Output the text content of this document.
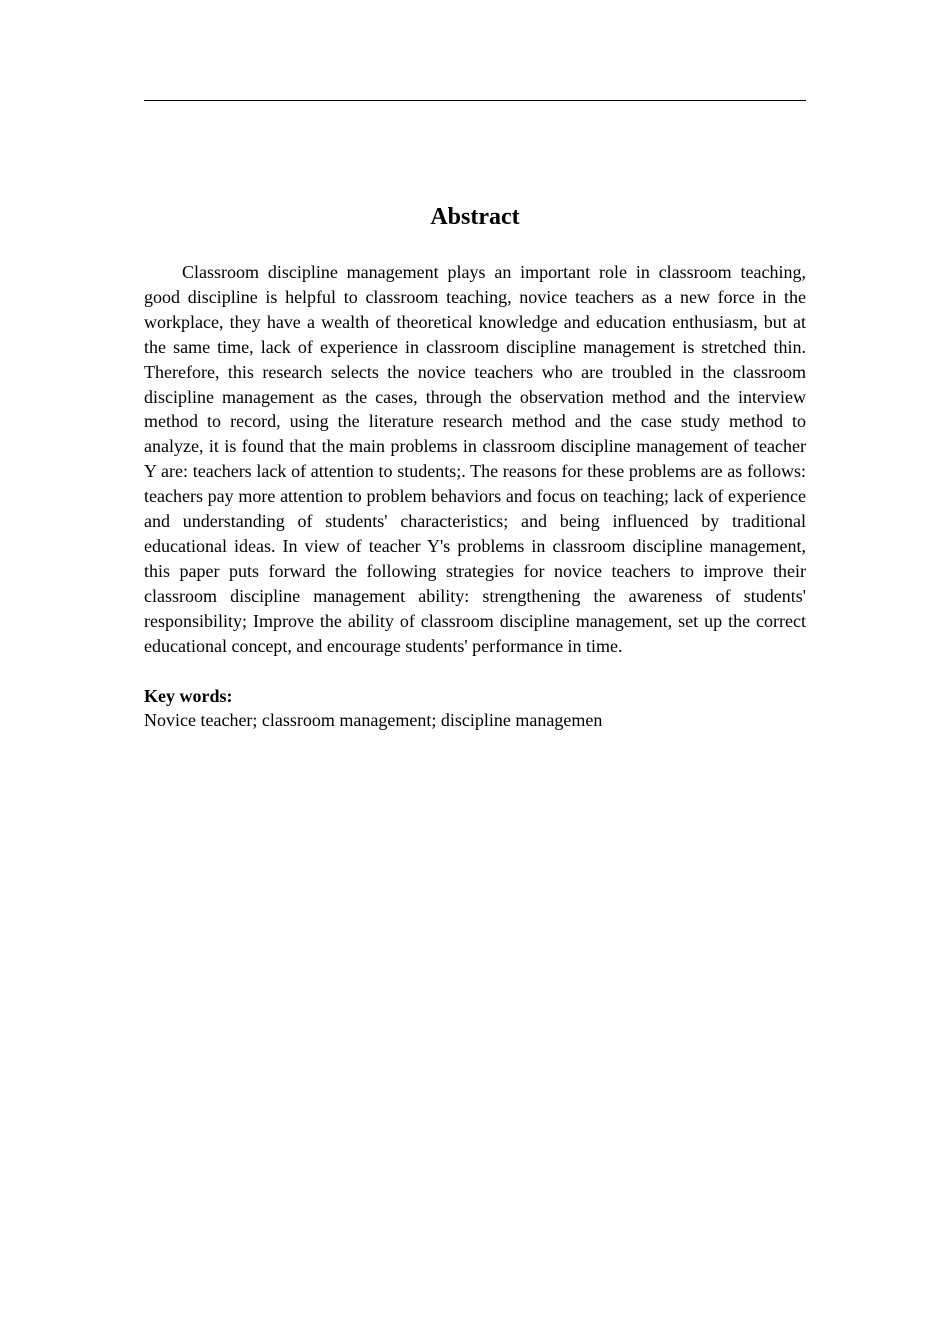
Abstract

Classroom discipline management plays an important role in classroom teaching, good discipline is helpful to classroom teaching, novice teachers as a new force in the workplace, they have a wealth of theoretical knowledge and education enthusiasm, but at the same time, lack of experience in classroom discipline management is stretched thin. Therefore, this research selects the novice teachers who are troubled in the classroom discipline management as the cases, through the observation method and the interview method to record, using the literature research method and the case study method to analyze, it is found that the main problems in classroom discipline management of teacher Y are: teachers lack of attention to students;. The reasons for these problems are as follows: teachers pay more attention to problem behaviors and focus on teaching; lack of experience and understanding of students' characteristics; and being influenced by traditional educational ideas. In view of teacher Y's problems in classroom discipline management, this paper puts forward the following strategies for novice teachers to improve their classroom discipline management ability: strengthening the awareness of students' responsibility; Improve the ability of classroom discipline management, set up the correct educational concept, and encourage students' performance in time.

Key words:

Novice teacher; classroom management; discipline managemen
